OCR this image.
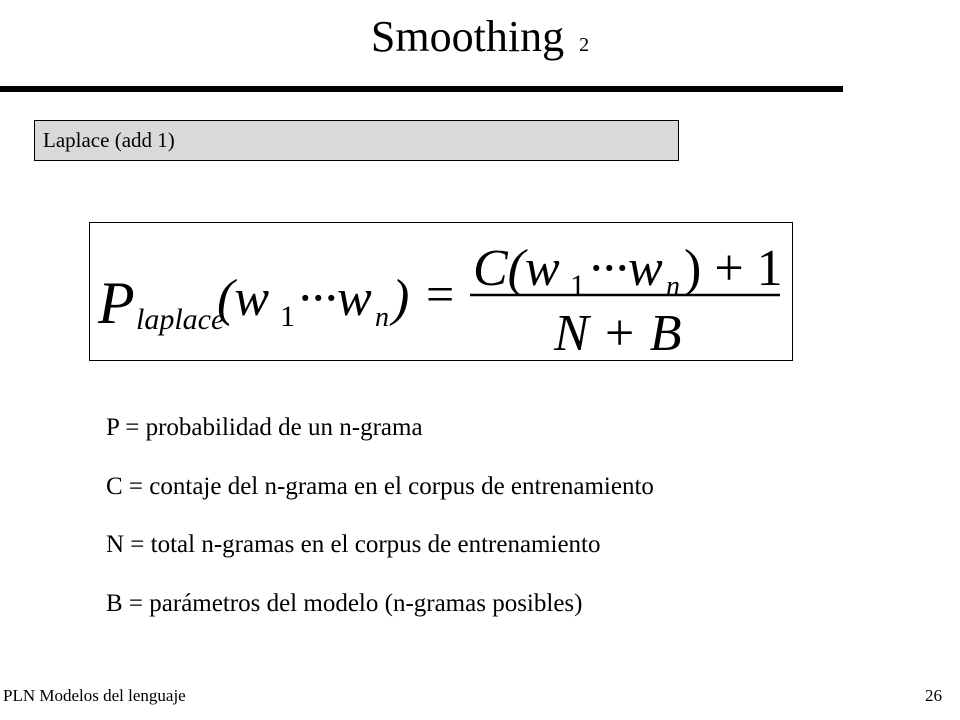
Smoothing 2
Laplace (add 1)
P laplace
(w 1 ···w n ) = C(w 1 ···w n ) + 1
N + B
P = probabilidad de un n-grama
C = contaje del n-grama en el corpus de entrenamiento
N = total n-gramas en el corpus de entrenamiento
B = parámetros del modelo (n-gramas posibles)
PLN Modelos del lenguaje	26
